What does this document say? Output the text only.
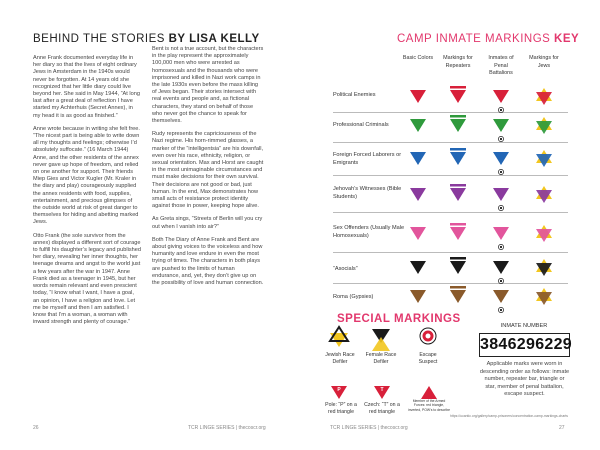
BEHIND THE STORIES BY LISA KELLY

Anne Frank documented everyday life in her diary so that the lives of eight ordinary Jews in Amsterdam in the 1940s would never be forgotten. At 14 years old she recognized that her little diary could live beyond her. She said in May 1944, “At long last after a great deal of reflection I have started my Achterhuis (Secret Annex), in my head it is as good as finished.”

Anne wrote because in writing she felt free. “The nicest part is being able to write down all my thoughts and feelings; otherwise I’d absolutely suffocate.” (16 March 1944) Anne, and the other residents of the annex never gave up hope of freedom, and relied on one another for support. Their friends Miep Gies and Victor Kugler (Mr. Kraler in the diary and play) courageously supplied the annex residents with food, supplies, entertainment, and precious glimpses of the outside world at risk of great danger to themselves for hiding and abetting marked Jews.

Otto Frank (the sole survivor from the annex) displayed a different sort of courage to fulfill his daughter’s legacy and published her diary, revealing her inner thoughts, her teenage dreams and angst to the world just a few years after the war in 1947. Anne Frank died as a teenager in 1945, but her words remain relevant and even prescient today, “I know what I want, I have a goal, an opinion, I have a religion and love. Let me be myself and then I am satisfied. I know that I’m a woman, a woman with inward strength and plenty of courage.”

Bent is not a true account, but the characters in the play represent the approximately 100,000 men who were arrested as homosexuals and the thousands who were imprisoned and killed in Nazi work camps in the late 1930s even before the mass killing of Jews began. Their stories intersect with real events and people and, as fictional characters, they stand on behalf of those who never got the chance to speak for themselves.

Rudy represents the capriciousness of the Nazi regime. His horn-rimmed glasses, a marker of the “intelligentsia” are his downfall, even over his race, ethnicity, religion, or sexual orientation. Max and Horst are caught in the most unimaginable circumstances and must make decisions for their own survival. Their decisions are not good or bad, just human. In the end, Max demonstrates how small acts of resistance protect identity against those in power, keeping hope alive.

As Greta sings, “Streets of Berlin will you cry out when I vanish into air?”

Both The Diary of Anne Frank and Bent are about giving voices to the voiceless and how humanity and love endure in even the most trying of times. The characters in both plays are pushed to the limits of human endurance, and, yet, they don’t give up on the possibility of love and human connection.

26	TCR LINGE SERIES | thecoscr.org
CAMP INMATE MARKINGS KEY
Basic Colors	Markings for Repeaters
Inmates of Penal Battalions
Markings for Jews
Political Enemies
Professional Criminals
Foreign Forced Laborers or Emigrants
Jehovah’s Witnesses (Bible Students)
Sex Offenders (Usually Male Homosexuals)
“Asocials”
Roma (Gypsies)
P	T
SPECIAL MARKINGS
Jewish Race Defiler
Female Race Defiler
Escape Suspect
Pole: “P” on a red triangle
Czech: “T” on a red triangle
Member of the Armed Forces: red triangle, inverted, POW’s to describe
INMATE NUMBER
3846296229
Applicable marks were worn in descending order as follows: inmate number, repeater bar, triangle or star, member of penal battalion, escape suspect.
https://ucantic.org/gallery/camp-prisoners/concentration-camp-markings-charts
TCR LINGE SERIES | thecoscr.org	27
